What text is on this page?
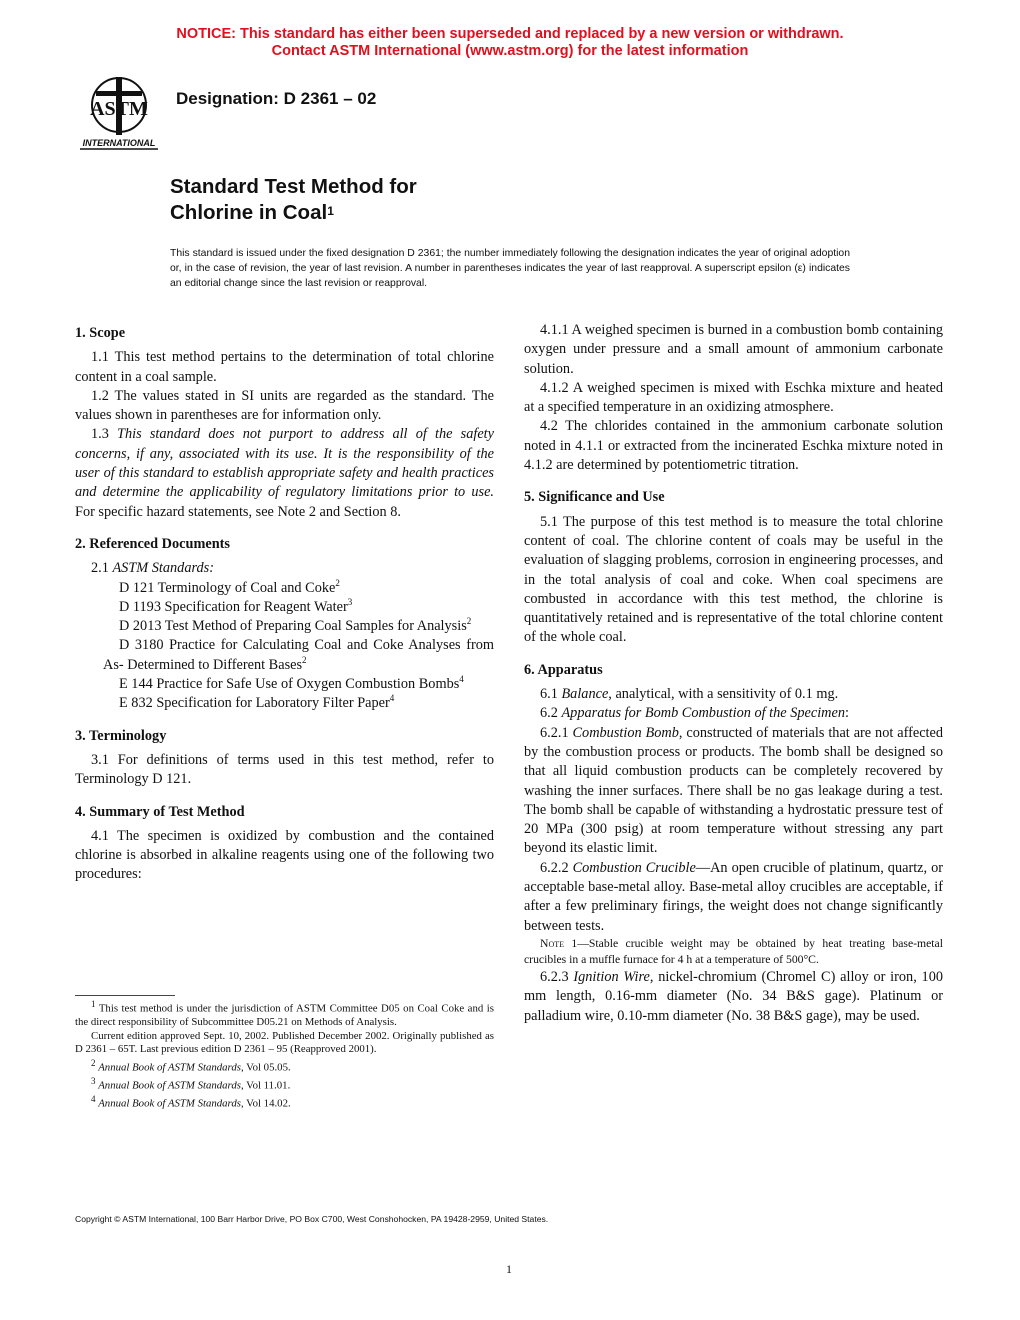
NOTICE: This standard has either been superseded and replaced by a new version or withdrawn.
Contact ASTM International (www.astm.org) for the latest information
ASTM
INTERNATIONAL
Designation: D 2361 – 02
Standard Test Method for
Chlorine in Coal$^1$
This standard is issued under the fixed designation D 2361; the number immediately following the designation indicates the year of original adoption or, in the case of revision, the year of last revision. A number in parentheses indicates the year of last reapproval. A superscript epsilon (ε) indicates an editorial change since the last revision or reapproval.
1. Scope

1.1 This test method pertains to the determination of total chlorine content in a coal sample.

1.2 The values stated in SI units are regarded as the standard. The values shown in parentheses are for information only.

1.3 This standard does not purport to address all of the safety concerns, if any, associated with its use. It is the responsibility of the user of this standard to establish appropriate safety and health practices and determine the applicability of regulatory limitations prior to use. For specific hazard statements, see Note 2 and Section 8.

2. Referenced Documents

2.1 ASTM Standards:

D 121 Terminology of Coal and Coke$^2$

D 1193 Specification for Reagent Water$^3$

D 2013 Test Method of Preparing Coal Samples for Analysis$^2$

D 3180 Practice for Calculating Coal and Coke Analyses from As- Determined to Different Bases$^2$

E 144 Practice for Safe Use of Oxygen Combustion Bombs$^4$

E 832 Specification for Laboratory Filter Paper$^4$

3. Terminology

3.1 For definitions of terms used in this test method, refer to Terminology D 121.

4. Summary of Test Method

4.1 The specimen is oxidized by combustion and the contained chlorine is absorbed in alkaline reagents using one of the following two procedures:

4.1.1 A weighed specimen is burned in a combustion bomb containing oxygen under pressure and a small amount of ammonium carbonate solution.

4.1.2 A weighed specimen is mixed with Eschka mixture and heated at a specified temperature in an oxidizing atmosphere.

4.2 The chlorides contained in the ammonium carbonate solution noted in 4.1.1 or extracted from the incinerated Eschka mixture noted in 4.1.2 are determined by potentiometric titration.

5. Significance and Use

5.1 The purpose of this test method is to measure the total chlorine content of coal. The chlorine content of coals may be useful in the evaluation of slagging problems, corrosion in engineering processes, and in the total analysis of coal and coke. When coal specimens are combusted in accordance with this test method, the chlorine is quantitatively retained and is representative of the total chlorine content of the whole coal.

6. Apparatus

6.1 Balance, analytical, with a sensitivity of 0.1 mg.

6.2 Apparatus for Bomb Combustion of the Specimen:

6.2.1 Combustion Bomb, constructed of materials that are not affected by the combustion process or products. The bomb shall be designed so that all liquid combustion products can be completely recovered by washing the inner surfaces. There shall be no gas leakage during a test. The bomb shall be capable of withstanding a hydrostatic pressure test of 20 MPa (300 psig) at room temperature without stressing any part beyond its elastic limit.

6.2.2 Combustion Crucible—An open crucible of platinum, quartz, or acceptable base-metal alloy. Base-metal alloy crucibles are acceptable, if after a few preliminary firings, the weight does not change significantly between tests.

Note 1—Stable crucible weight may be obtained by heat treating base-metal crucibles in a muffle furnace for 4 h at a temperature of 500°C.

6.2.3 Ignition Wire, nickel-chromium (Chromel C) alloy or iron, 100 mm length, 0.16-mm diameter (No. 34 B&S gage). Platinum or palladium wire, 0.10-mm diameter (No. 38 B&S gage), may be used.

$^1$ This test method is under the jurisdiction of ASTM Committee D05 on Coal Coke and is the direct responsibility of Subcommittee D05.21 on Methods of Analysis.

Current edition approved Sept. 10, 2002. Published December 2002. Originally published as D 2361 – 65T. Last previous edition D 2361 – 95 (Reapproved 2001).

$^2$ Annual Book of ASTM Standards, Vol 05.05.

$^3$ Annual Book of ASTM Standards, Vol 11.01.

$^4$ Annual Book of ASTM Standards, Vol 14.02.

Copyright © ASTM International, 100 Barr Harbor Drive, PO Box C700, West Conshohocken, PA 19428-2959, United States.
1
